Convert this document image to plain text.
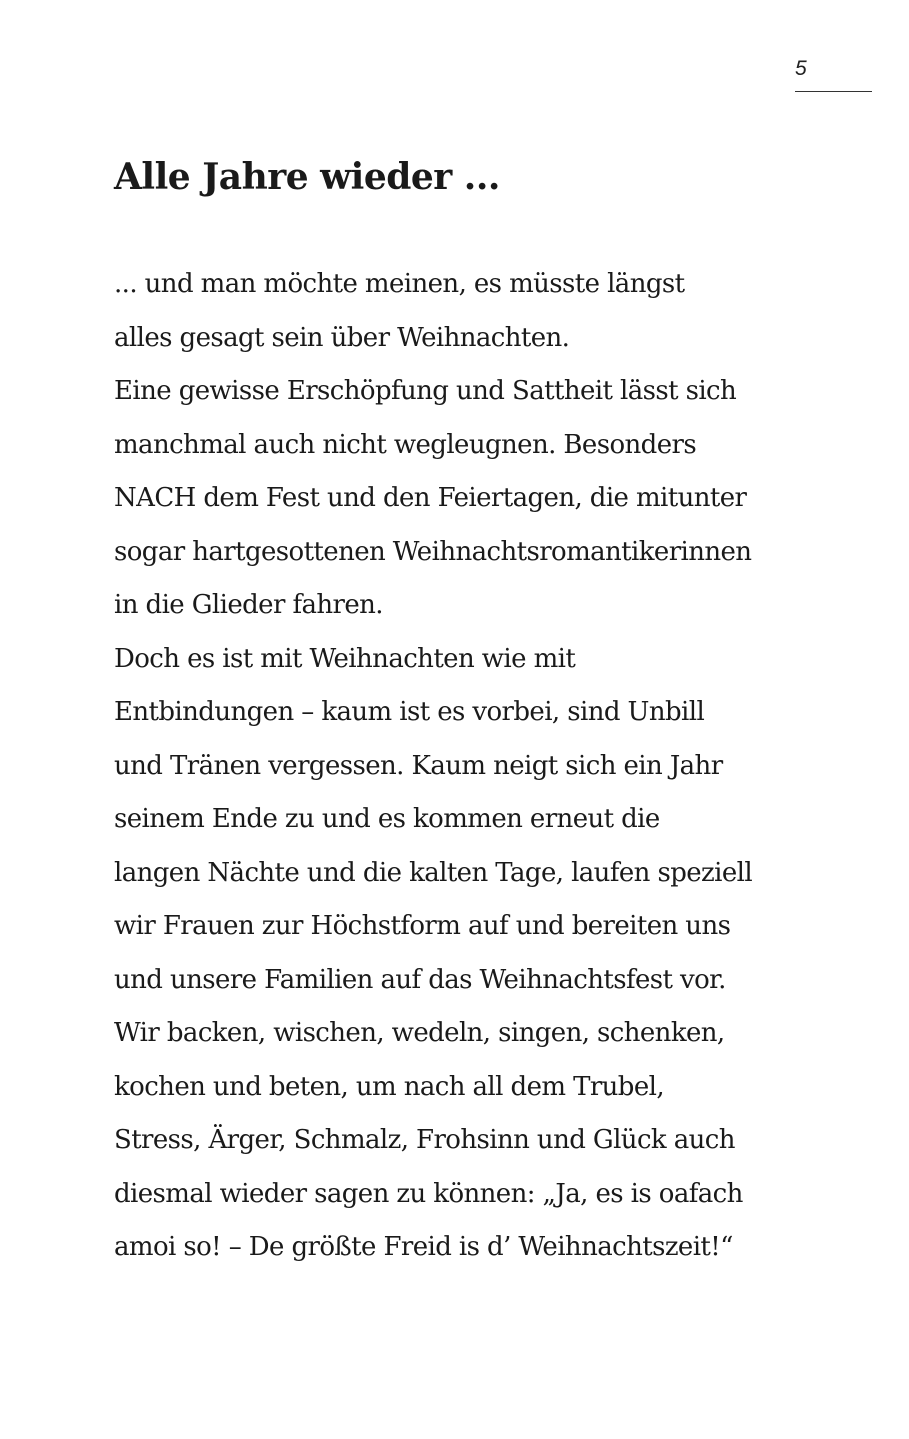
5
Alle Jahre wieder ...
... und man möchte meinen, es müsste längst
alles gesagt sein über Weihnachten.
Eine gewisse Erschöpfung und Sattheit lässt sich
manchmal auch nicht wegleugnen. Besonders
NACH dem Fest und den Feiertagen, die mitunter
sogar hartgesottenen Weihnachtsromantikerinnen
in die Glieder fahren.
Doch es ist mit Weihnachten wie mit
Entbindungen – kaum ist es vorbei, sind Unbill
und Tränen vergessen. Kaum neigt sich ein Jahr
seinem Ende zu und es kommen erneut die
langen Nächte und die kalten Tage, laufen speziell
wir Frauen zur Höchstform auf und bereiten uns
und unsere Familien auf das Weihnachtsfest vor.
Wir backen, wischen, wedeln, singen, schenken,
kochen und beten, um nach all dem Trubel,
Stress, Ärger, Schmalz, Frohsinn und Glück auch
diesmal wieder sagen zu können: „Ja, es is oafach
amoi so! – De größte Freid is d’ Weihnachtszeit!“
